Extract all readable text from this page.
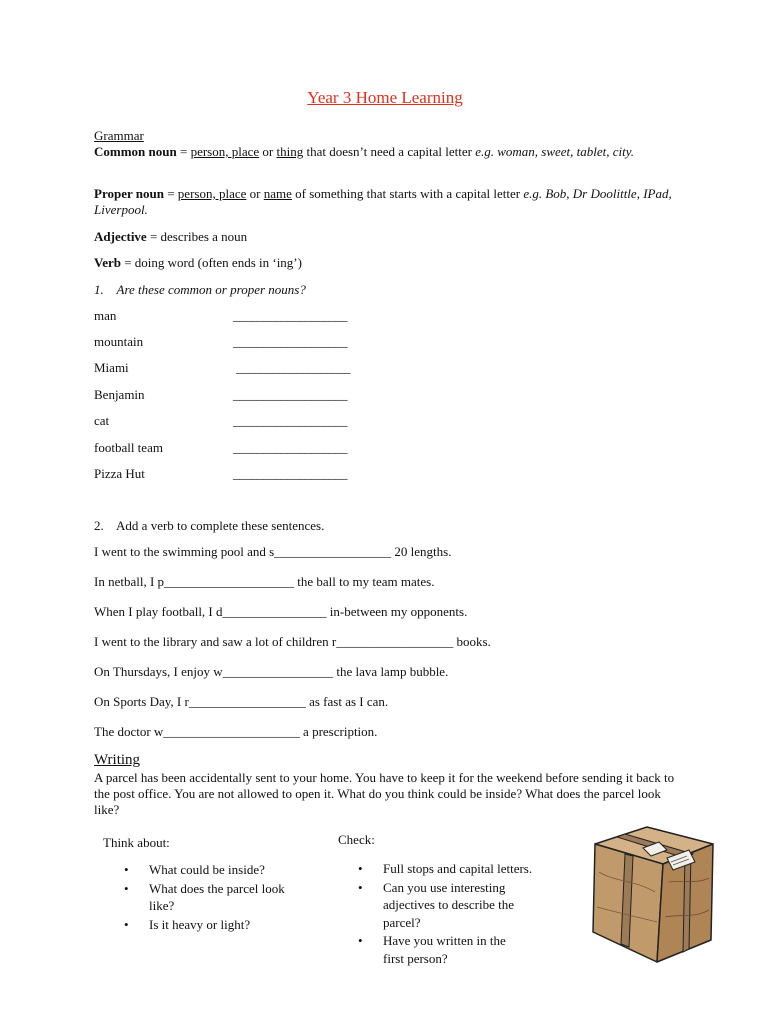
Year 3 Home Learning
Grammar
Common noun = person, place or thing that doesn’t need a capital letter e.g. woman, sweet, tablet, city.
Proper noun = person, place or name of something that starts with a capital letter e.g. Bob, Dr Doolittle, IPad, Liverpool.
Adjective = describes a noun
Verb = doing word (often ends in ‘ing’)
1.    Are these common or proper nouns?
man	___________________
mountain	___________________
Miami	___________________
Benjamin	___________________
cat	___________________
football team	___________________
Pizza Hut	___________________
2.    Add a verb to complete these sentences.
I went to the swimming pool and s__________________ 20 lengths.
In netball, I p____________________ the ball to my team mates.
When I play football, I d________________ in-between my opponents.
I went to the library and saw a lot of children r__________________ books.
On Thursdays, I enjoy w_________________ the lava lamp bubble.
On Sports Day, I r__________________ as fast as I can.
The doctor w_____________________ a prescription.
Writing
A parcel has been accidentally sent to your home. You have to keep it for the weekend before sending it back to the post office. You are not allowed to open it. What do you think could be inside? What does the parcel look like?
Think about:
• What could be inside?
• What does the parcel look like?
• Is it heavy or light?
Check:
• Full stops and capital letters.
• Can you use interesting adjectives to describe the parcel?
• Have you written in the first person?
